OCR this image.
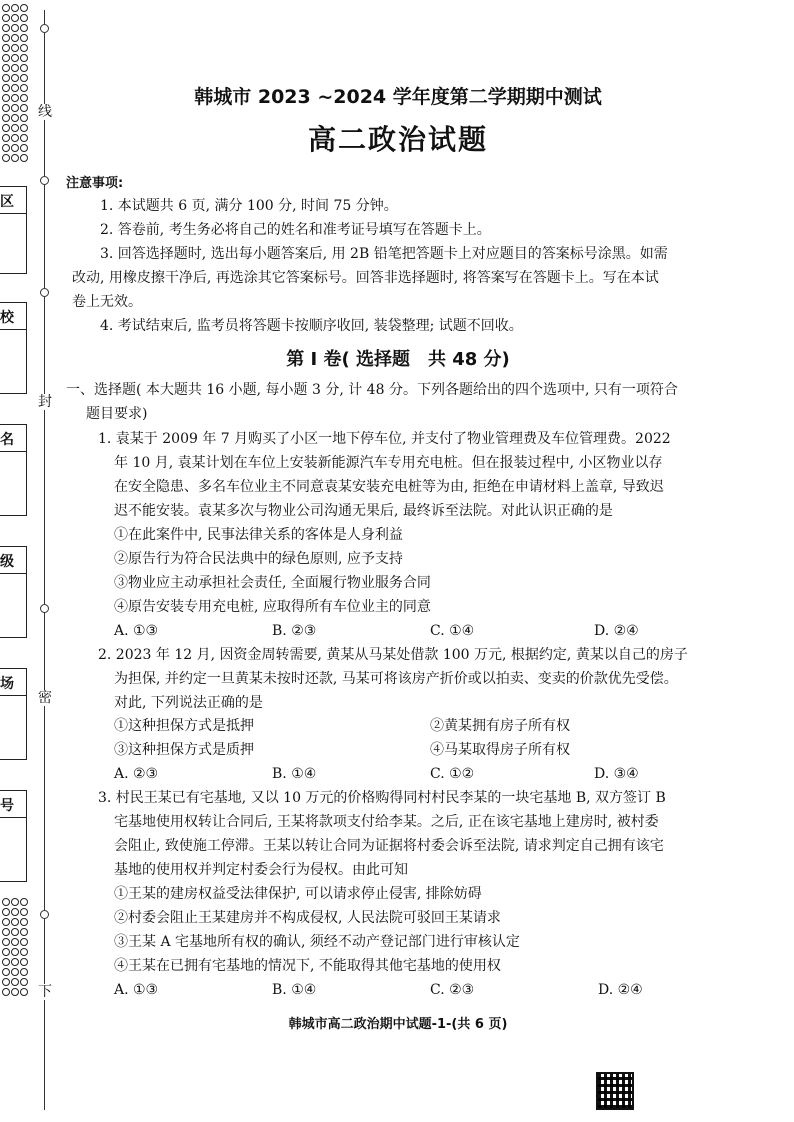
线
封
密
下
区
校
名
级
场
号
韩城市 2023 ~2024 学年度第二学期期中测试
高二政治试题
注意事项:
1. 本试题共 6 页, 满分 100 分, 时间 75 分钟。
2. 答卷前, 考生务必将自己的姓名和准考证号填写在答题卡上。
3. 回答选择题时, 选出每小题答案后, 用 2B 铅笔把答题卡上对应题目的答案标号涂黑。如需
改动, 用橡皮擦干净后, 再选涂其它答案标号。回答非选择题时, 将答案写在答题卡上。写在本试
卷上无效。
4. 考试结束后, 监考员将答题卡按顺序收回, 装袋整理; 试题不回收。
第 Ⅰ 卷( 选择题　共 48 分)
一、选择题( 本大题共 16 小题, 每小题 3 分, 计 48 分。下列各题给出的四个选项中, 只有一项符合
题目要求)
1. 袁某于 2009 年 7 月购买了小区一地下停车位, 并支付了物业管理费及车位管理费。2022
年 10 月, 袁某计划在车位上安装新能源汽车专用充电桩。但在报装过程中, 小区物业以存
在安全隐患、多名车位业主不同意袁某安装充电桩等为由, 拒绝在申请材料上盖章, 导致迟
迟不能安装。袁某多次与物业公司沟通无果后, 最终诉至法院。对此认识正确的是
①在此案件中, 民事法律关系的客体是人身利益
②原告行为符合民法典中的绿色原则, 应予支持
③物业应主动承担社会责任, 全面履行物业服务合同
④原告安装专用充电桩, 应取得所有车位业主的同意
A. ①③	B. ②③	C. ①④	D. ②④
2. 2023 年 12 月, 因资金周转需要, 黄某从马某处借款 100 万元, 根据约定, 黄某以自己的房子
为担保, 并约定一旦黄某未按时还款, 马某可将该房产折价或以拍卖、变卖的价款优先受偿。
对此, 下列说法正确的是
①这种担保方式是抵押	②黄某拥有房子所有权
③这种担保方式是质押	④马某取得房子所有权
A. ②③	B. ①④	C. ①②	D. ③④
3. 村民王某已有宅基地, 又以 10 万元的价格购得同村村民李某的一块宅基地 B, 双方签订 B
宅基地使用权转让合同后, 王某将款项支付给李某。之后, 正在该宅基地上建房时, 被村委
会阻止, 致使施工停滞。王某以转让合同为证据将村委会诉至法院, 请求判定自己拥有该宅
基地的使用权并判定村委会行为侵权。由此可知
①王某的建房权益受法律保护, 可以请求停止侵害, 排除妨碍
②村委会阻止王某建房并不构成侵权, 人民法院可驳回王某请求
③王某 A 宅基地所有权的确认, 须经不动产登记部门进行审核认定
④王某在已拥有宅基地的情况下, 不能取得其他宅基地的使用权
A. ①③	B. ①④	C. ②③	D. ②④
韩城市高二政治期中试题-1-(共 6 页)
